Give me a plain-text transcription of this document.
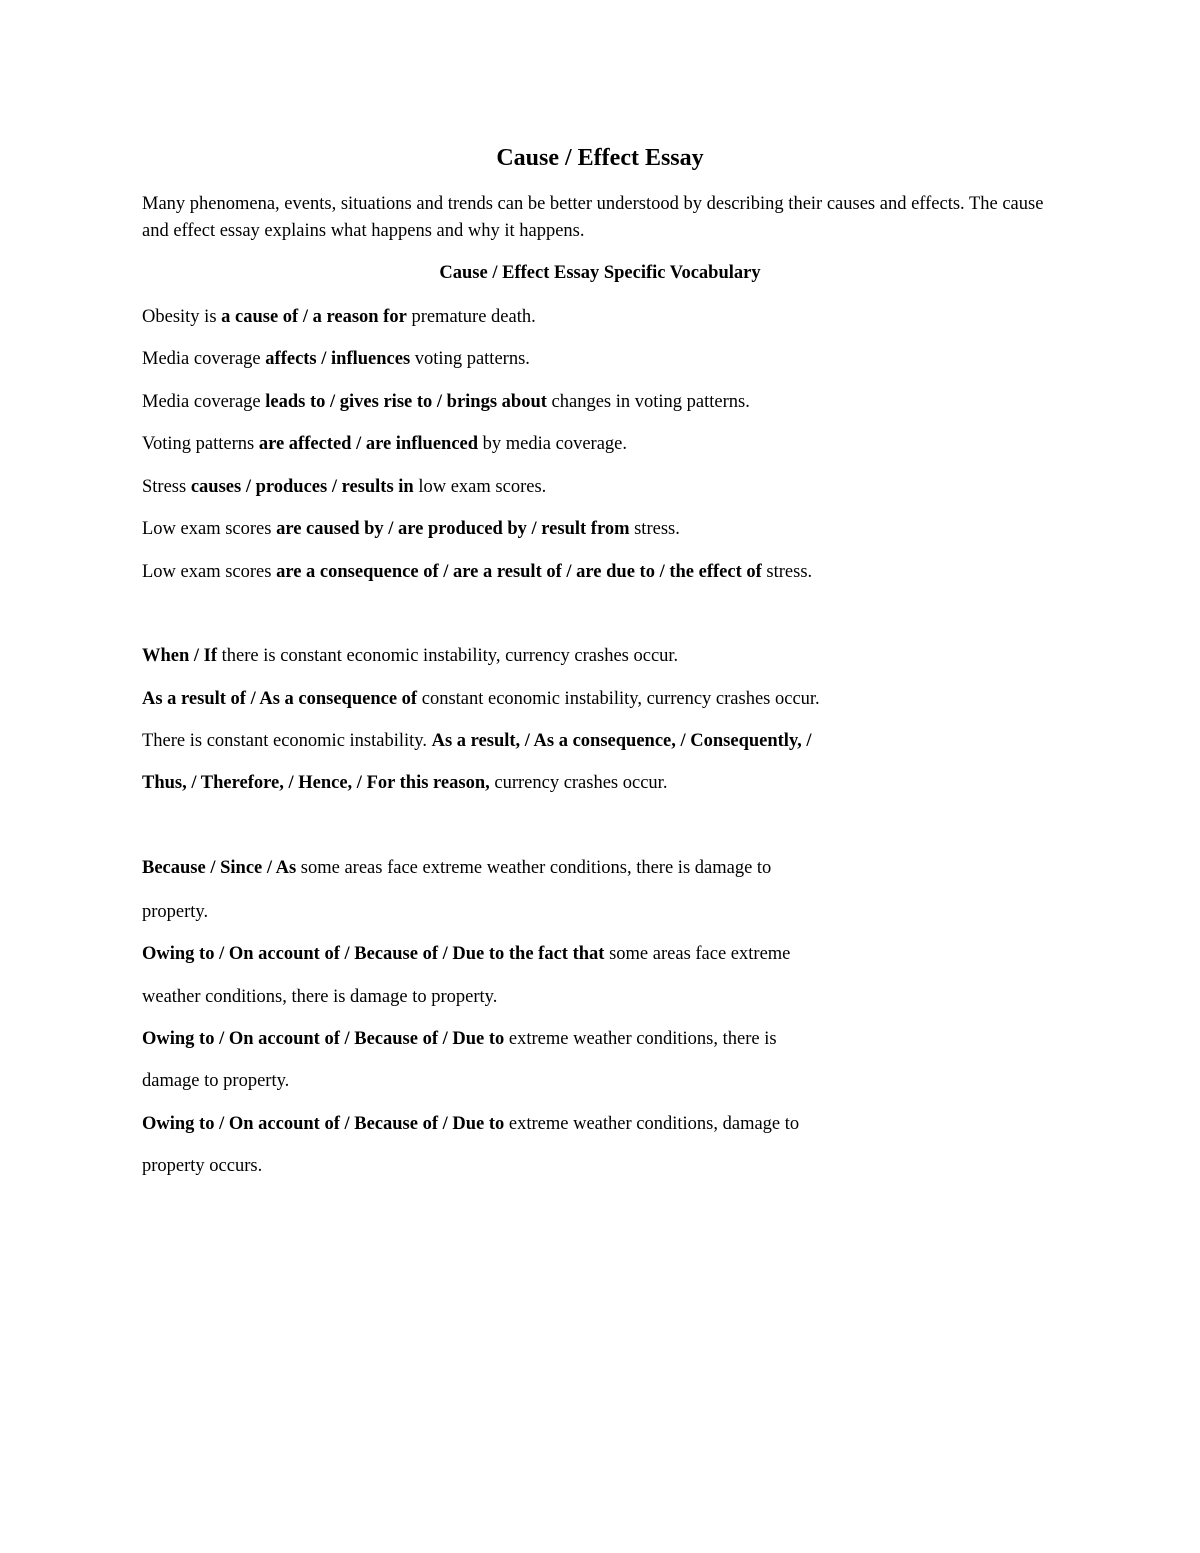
Cause / Effect Essay
Many phenomena, events, situations and trends can be better understood by describing their causes and effects. The cause and effect essay explains what happens and why it happens.
Cause / Effect Essay Specific Vocabulary
Obesity is a cause of / a reason for premature death.
Media coverage affects / influences voting patterns.
Media coverage leads to / gives rise to / brings about changes in voting patterns.
Voting patterns are affected / are influenced by media coverage.
Stress causes / produces / results in low exam scores.
Low exam scores are caused by / are produced by / result from stress.
Low exam scores are a consequence of / are a result of / are due to / the effect of stress.
When / If there is constant economic instability, currency crashes occur.
As a result of / As a consequence of constant economic instability, currency crashes occur.
There is constant economic instability. As a result, / As a consequence, / Consequently, /
Thus, / Therefore, / Hence, / For this reason, currency crashes occur.
Because / Since / As some areas face extreme weather conditions, there is damage to
property.
Owing to / On account of / Because of / Due to the fact that some areas face extreme
weather conditions, there is damage to property.
Owing to / On account of / Because of / Due to extreme weather conditions, there is
damage to property.
Owing to / On account of / Because of / Due to extreme weather conditions, damage to
property occurs.
